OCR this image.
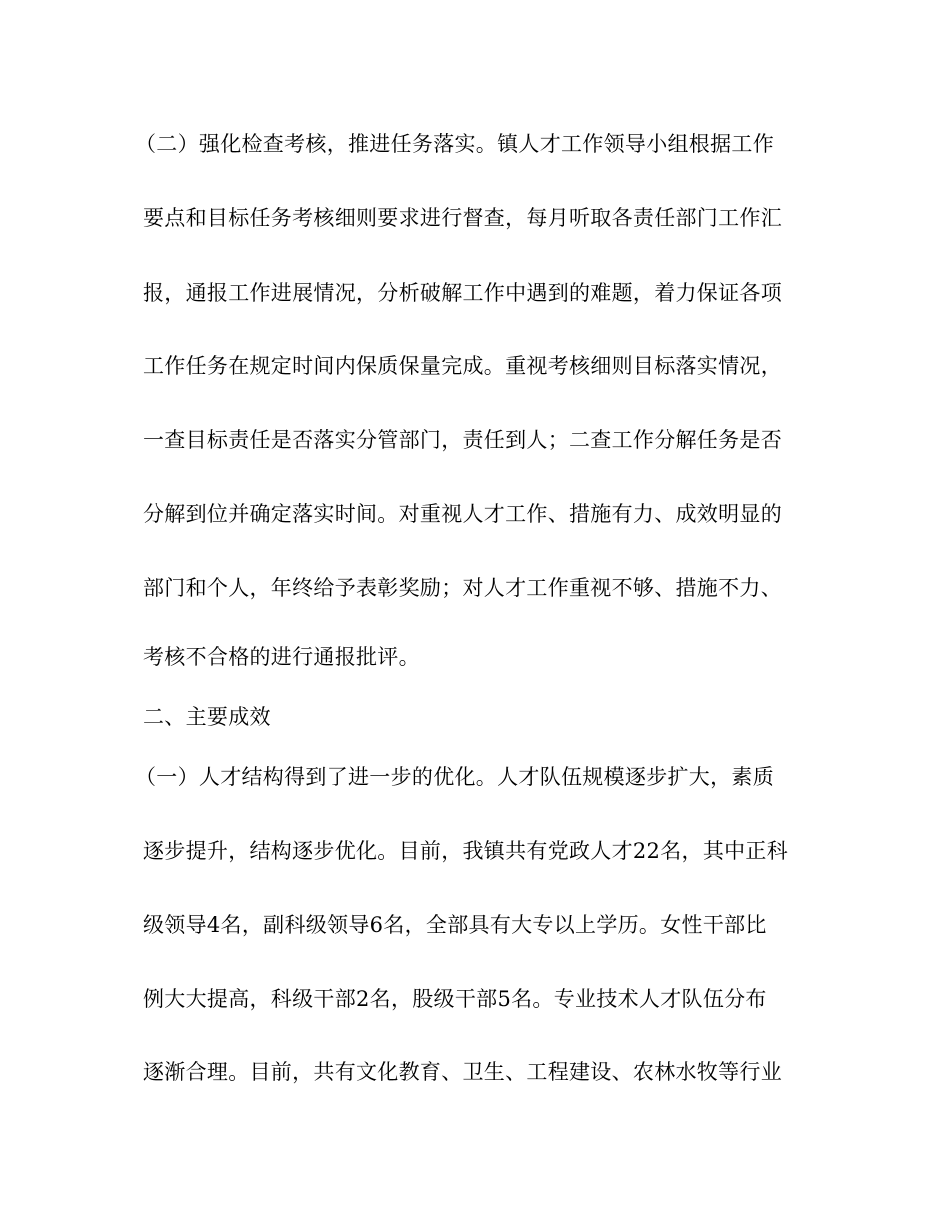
（二）强化检查考核，推进任务落实。镇人才工作领导小组根据工作
要点和目标任务考核细则要求进行督查，每月听取各责任部门工作汇
报，通报工作进展情况，分析破解工作中遇到的难题，着力保证各项
工作任务在规定时间内保质保量完成。重视考核细则目标落实情况，
一查目标责任是否落实分管部门，责任到人；二查工作分解任务是否
分解到位并确定落实时间。对重视人才工作、措施有力、成效明显的
部门和个人，年终给予表彰奖励；对人才工作重视不够、措施不力、
考核不合格的进行通报批评。
二、主要成效
（一）人才结构得到了进一步的优化。人才队伍规模逐步扩大，素质
逐步提升，结构逐步优化。目前，我镇共有党政人才22名，其中正科
级领导4名，副科级领导6名，全部具有大专以上学历。女性干部比
例大大提高，科级干部2名，股级干部5名。专业技术人才队伍分布
逐渐合理。目前，共有文化教育、卫生、工程建设、农林水牧等行业
